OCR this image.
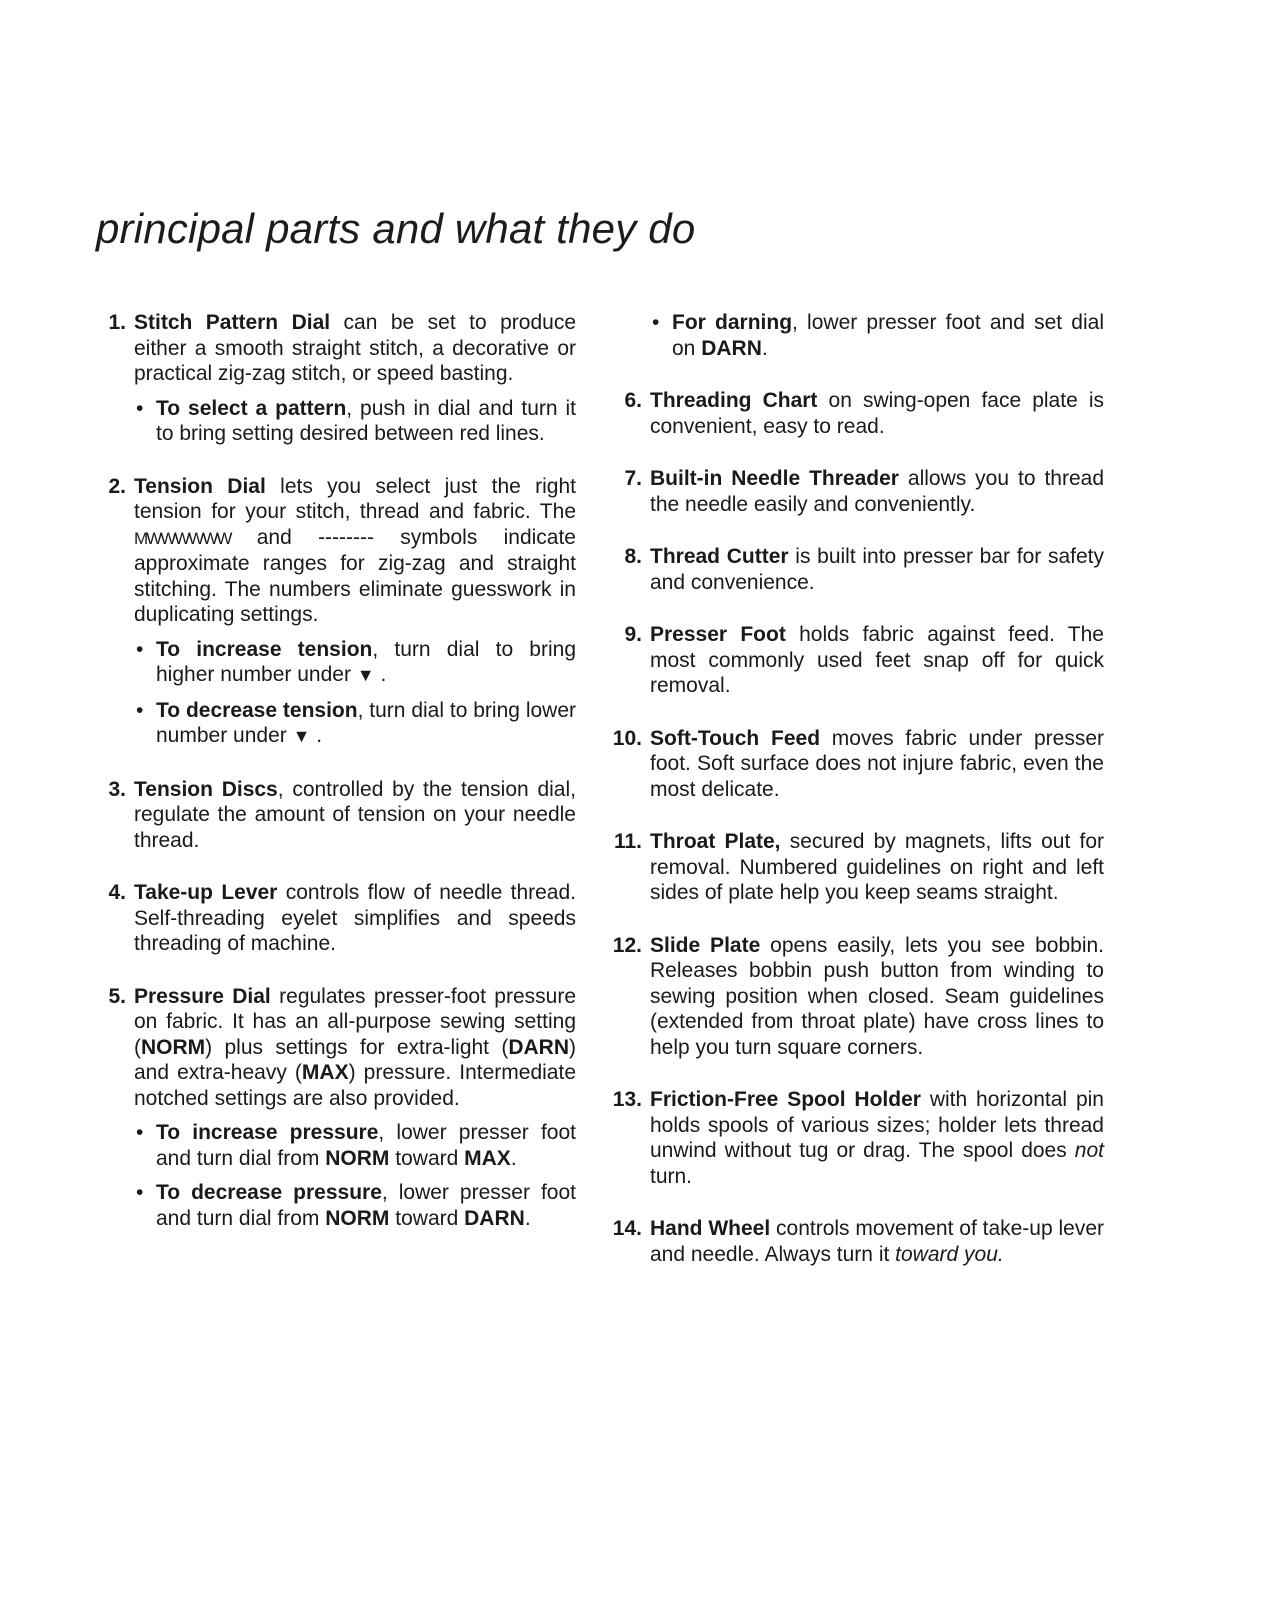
principal parts and what they do
1. Stitch Pattern Dial can be set to produce either a smooth straight stitch, a decorative or practical zig-zag stitch, or speed basting.

• To select a pattern, push in dial and turn it to bring setting desired between red lines.
2. Tension Dial lets you select just the right tension for your stitch, thread and fabric. The MWWWWWW and -------- symbols indicate approximate ranges for zig-zag and straight stitching. The numbers eliminate guesswork in duplicating settings.

• To increase tension, turn dial to bring higher number under ▼ .
• To decrease tension, turn dial to bring lower number under ▼ .
3. Tension Discs, controlled by the tension dial, regulate the amount of tension on your needle thread.

4. Take-up Lever controls flow of needle thread. Self-threading eyelet simplifies and speeds threading of machine.

5. Pressure Dial regulates presser-foot pressure on fabric. It has an all-purpose sewing setting (NORM) plus settings for extra-light (DARN) and extra-heavy (MAX) pressure. Intermediate notched settings are also provided.

• To increase pressure, lower presser foot and turn dial from NORM toward MAX.
• To decrease pressure, lower presser foot and turn dial from NORM toward DARN.
• For darning, lower presser foot and set dial on DARN.
6. Threading Chart on swing-open face plate is convenient, easy to read.

7. Built-in Needle Threader allows you to thread the needle easily and conveniently.

8. Thread Cutter is built into presser bar for safety and convenience.

9. Presser Foot holds fabric against feed. The most commonly used feet snap off for quick removal.

10. Soft-Touch Feed moves fabric under presser foot. Soft surface does not injure fabric, even the most delicate.

11. Throat Plate, secured by magnets, lifts out for removal. Numbered guidelines on right and left sides of plate help you keep seams straight.

12. Slide Plate opens easily, lets you see bobbin. Releases bobbin push button from winding to sewing position when closed. Seam guidelines (extended from throat plate) have cross lines to help you turn square corners.

13. Friction-Free Spool Holder with horizontal pin holds spools of various sizes; holder lets thread unwind without tug or drag. The spool does not turn.

14. Hand Wheel controls movement of take-up lever and needle. Always turn it toward you.
